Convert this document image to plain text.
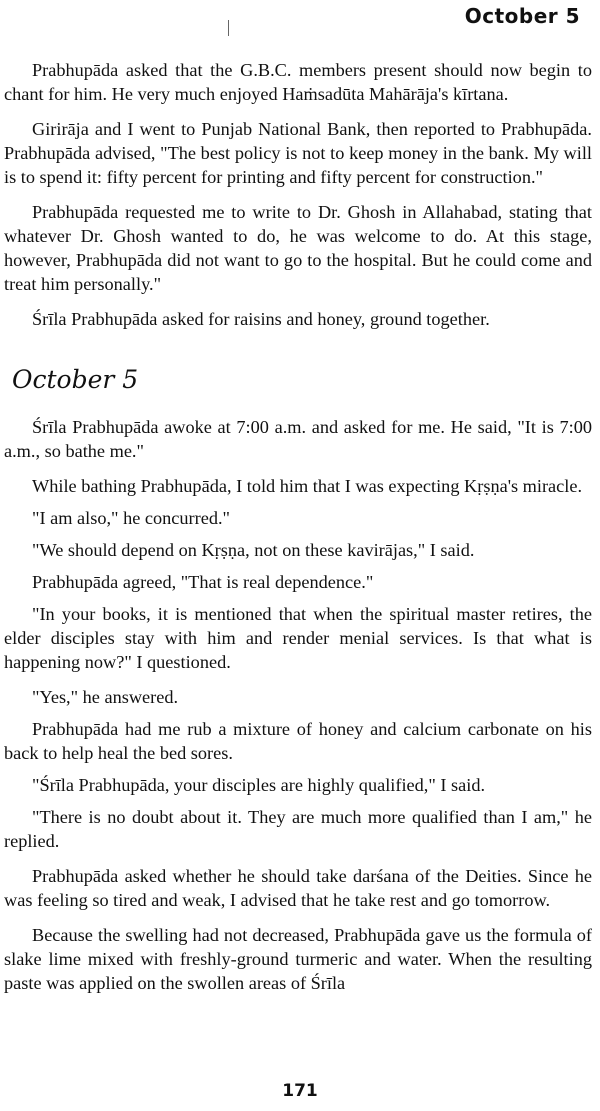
October 5

Prabhupāda asked that the G.B.C. members present should now begin to chant for him. He very much enjoyed Haṁsadūta Mahārāja's kīrtana.

Girirāja and I went to Punjab National Bank, then reported to Prabhupāda. Prabhupāda advised, "The best policy is not to keep money in the bank. My will is to spend it: fifty percent for printing and fifty percent for construction."

Prabhupāda requested me to write to Dr. Ghosh in Allahabad, stating that whatever Dr. Ghosh wanted to do, he was welcome to do. At this stage, however, Prabhupāda did not want to go to the hospital. But he could come and treat him personally."

Śrīla Prabhupāda asked for raisins and honey, ground together.

October 5

Śrīla Prabhupāda awoke at 7:00 a.m. and asked for me. He said, "It is 7:00 a.m., so bathe me."

While bathing Prabhupāda, I told him that I was expecting Kṛṣṇa's miracle.

"I am also," he concurred."

"We should depend on Kṛṣṇa, not on these kavirājas," I said.

Prabhupāda agreed, "That is real dependence."

"In your books, it is mentioned that when the spiritual master retires, the elder disciples stay with him and render menial services. Is that what is happening now?" I questioned.

"Yes," he answered.

Prabhupāda had me rub a mixture of honey and calcium carbonate on his back to help heal the bed sores.

"Śrīla Prabhupāda, your disciples are highly qualified," I said.

"There is no doubt about it. They are much more qualified than I am," he replied.

Prabhupāda asked whether he should take darśana of the Deities. Since he was feeling so tired and weak, I advised that he take rest and go tomorrow.

Because the swelling had not decreased, Prabhupāda gave us the formula of slake lime mixed with freshly-ground turmeric and water. When the resulting paste was applied on the swollen areas of Śrīla

171
